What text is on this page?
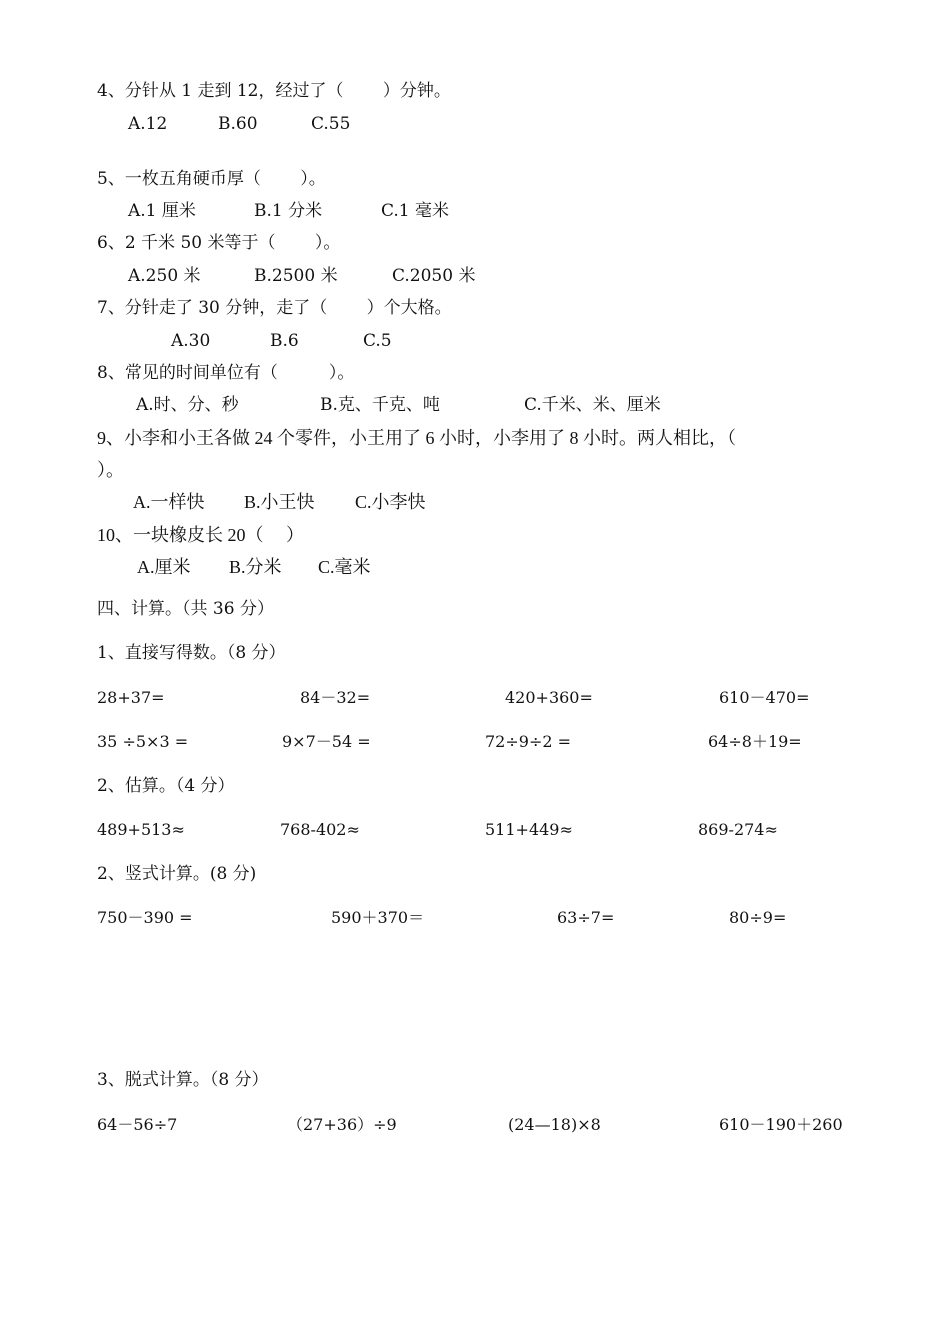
4、分针从 1 走到 12，经过了（　　 ）分钟。
A.12	B.60	C.55
5、一枚五角硬币厚（　　 ）。
A.1 厘米	B.1 分米	C.1 毫米
6、2 千米 50 米等于（　　 ）。
A.250 米	B.2500 米	C.2050 米
7、分针走了 30 分钟，走了（　　 ）个大格。
A.30	B.6	C.5
8、常见的时间单位有（　　　）。
A.时、分、秒	B.克、千克、吨	C.千米、米、厘米
9、小李和小王各做 24 个零件，小王用了 6 小时，小李用了 8 小时。两人相比，（
）。
A.一样快 B.小王快 C.小李快
10、一块橡皮长 20（　 ）
A.厘米 B.分米 C.毫米
四、计算。（共 36 分）
1、直接写得数。（8 分）
28+37=	84－32=	420+360=	610－470=
35 ÷5×3 =	9×7－54 =	72÷9÷2 =	64÷8＋19=
2、估算。（4 分）
489+513≈	768-402≈	511+449≈	869-274≈
2、竖式计算。(8 分)
750－390 =	590＋370＝	63÷7=	80÷9=
3、脱式计算。（8 分）
64－56÷7	（27+36）÷9	(24—18)×8	610－190＋260
